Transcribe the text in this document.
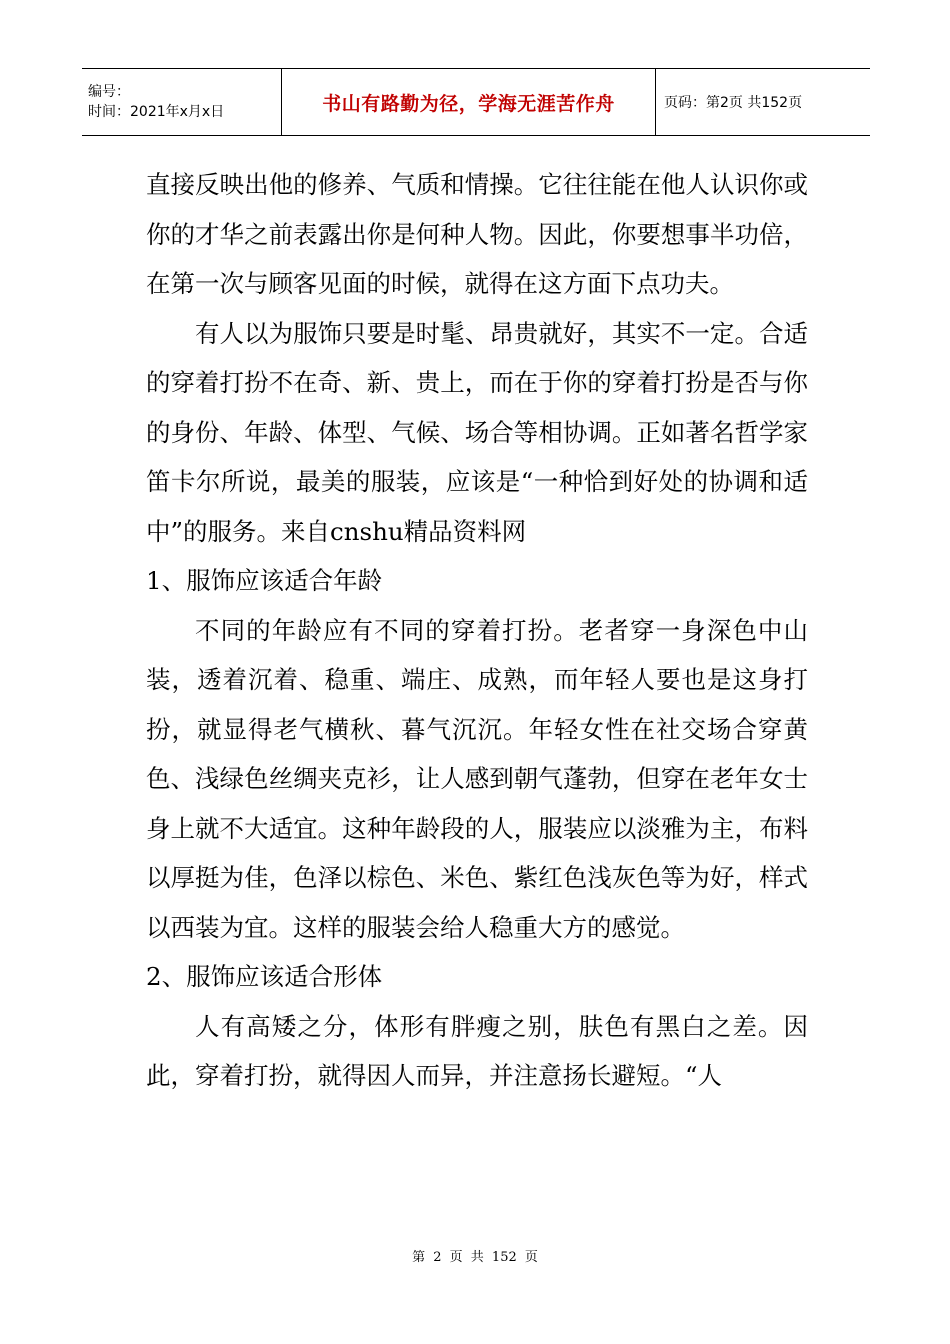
编号：
时间：2021年x月x日	书山有路勤为径，学海无涯苦作舟	页码：第2页 共152页

直接反映出他的修养、气质和情操。它往往能在他人认识你或你的才华之前表露出你是何种人物。因此，你要想事半功倍，在第一次与顾客见面的时候，就得在这方面下点功夫。

有人以为服饰只要是时髦、昂贵就好，其实不一定。合适的穿着打扮不在奇、新、贵上，而在于你的穿着打扮是否与你的身份、年龄、体型、气候、场合等相协调。正如著名哲学家笛卡尔所说，最美的服装，应该是“一种恰到好处的协调和适中”的服务。来自cnshu精品资料网

1、服饰应该适合年龄

不同的年龄应有不同的穿着打扮。老者穿一身深色中山装，透着沉着、稳重、端庄、成熟，而年轻人要也是这身打扮，就显得老气横秋、暮气沉沉。年轻女性在社交场合穿黄色、浅绿色丝绸夹克衫，让人感到朝气蓬勃，但穿在老年女士身上就不大适宜。这种年龄段的人，服装应以淡雅为主，布料以厚挺为佳，色泽以棕色、米色、紫红色浅灰色等为好，样式以西装为宜。这样的服装会给人稳重大方的感觉。

2、服饰应该适合形体

人有高矮之分，体形有胖瘦之别，肤色有黑白之差。因此，穿着打扮，就得因人而异，并注意扬长避短。“人

第 2 页 共 152 页
